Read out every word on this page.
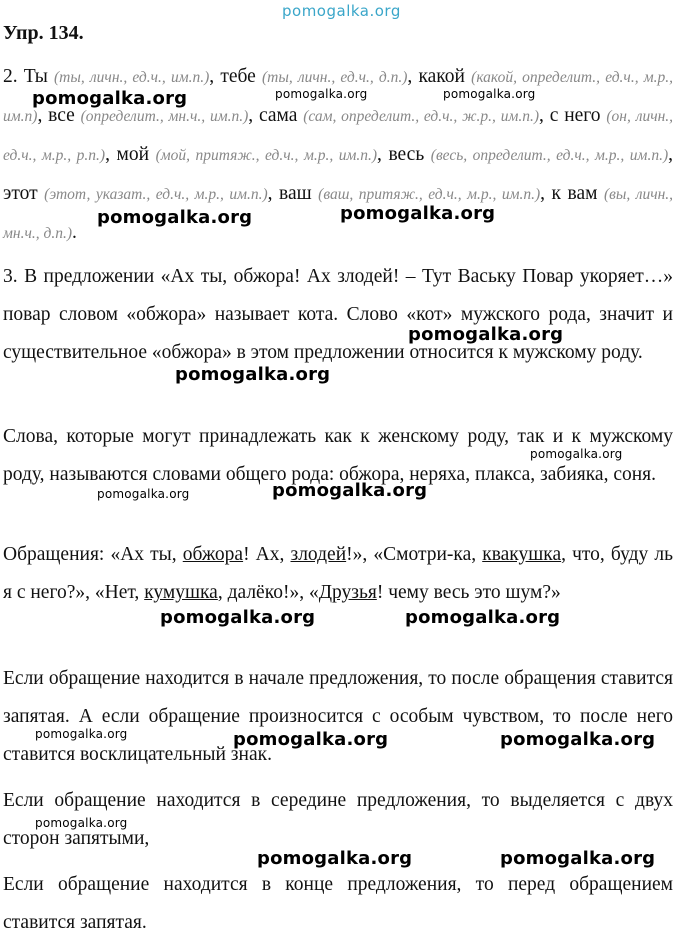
pomogalka.org
Упр. 134.

2. Ты (ты, личн., ед.ч., им.п.), тебе (ты, личн., ед.ч., д.п.), какой (какой, определит., ед.ч., м.р., им.п), все (определит., мн.ч., им.п.), сама (сам, определит., ед.ч., ж.р., им.п.), с него (он, личн., ед.ч., м.р., р.п.), мой (мой, притяж., ед.ч., м.р., им.п.), весь (весь, определит., ед.ч., м.р., им.п.), этот (этот, указат., ед.ч., м.р., им.п.), ваш (ваш, притяж., ед.ч., м.р., им.п.), к вам (вы, личн., мн.ч., д.п.).

3. В предложении «Ах ты, обжора! Ах злодей! – Тут Ваську Повар укоряет…» повар словом «обжора» называет кота. Слово «кот» мужского рода, значит и существительное «обжора» в этом предложении относится к мужскому роду.

Слова, которые могут принадлежать как к женскому роду, так и к мужскому роду, называются словами общего рода: обжора, неряха, плакса, забияка, соня.

Обращения: «Ах ты, обжора! Ах, злодей!», «Смотри-ка, квакушка, что, буду ль я с него?», «Нет, кумушка, далёко!», «Друзья! чему весь это шум?»

Если обращение находится в начале предложения, то после обращения ставится запятая. А если обращение произносится с особым чувством, то после него ставится восклицательный знак.

Если обращение находится в середине предложения, то выделяется с двух сторон запятыми,

Если обращение находится в конце предложения, то перед обращением ставится запятая.

pomogalka.org	pomogalka.org	pomogalka.org
pomogalka.org	pomogalka.org
pomogalka.org
pomogalka.org
pomogalka.org
pomogalka.org	pomogalka.org
pomogalka.org	pomogalka.org
pomogalka.org	pomogalka.org	pomogalka.org
pomogalka.org
pomogalka.org	pomogalka.org
